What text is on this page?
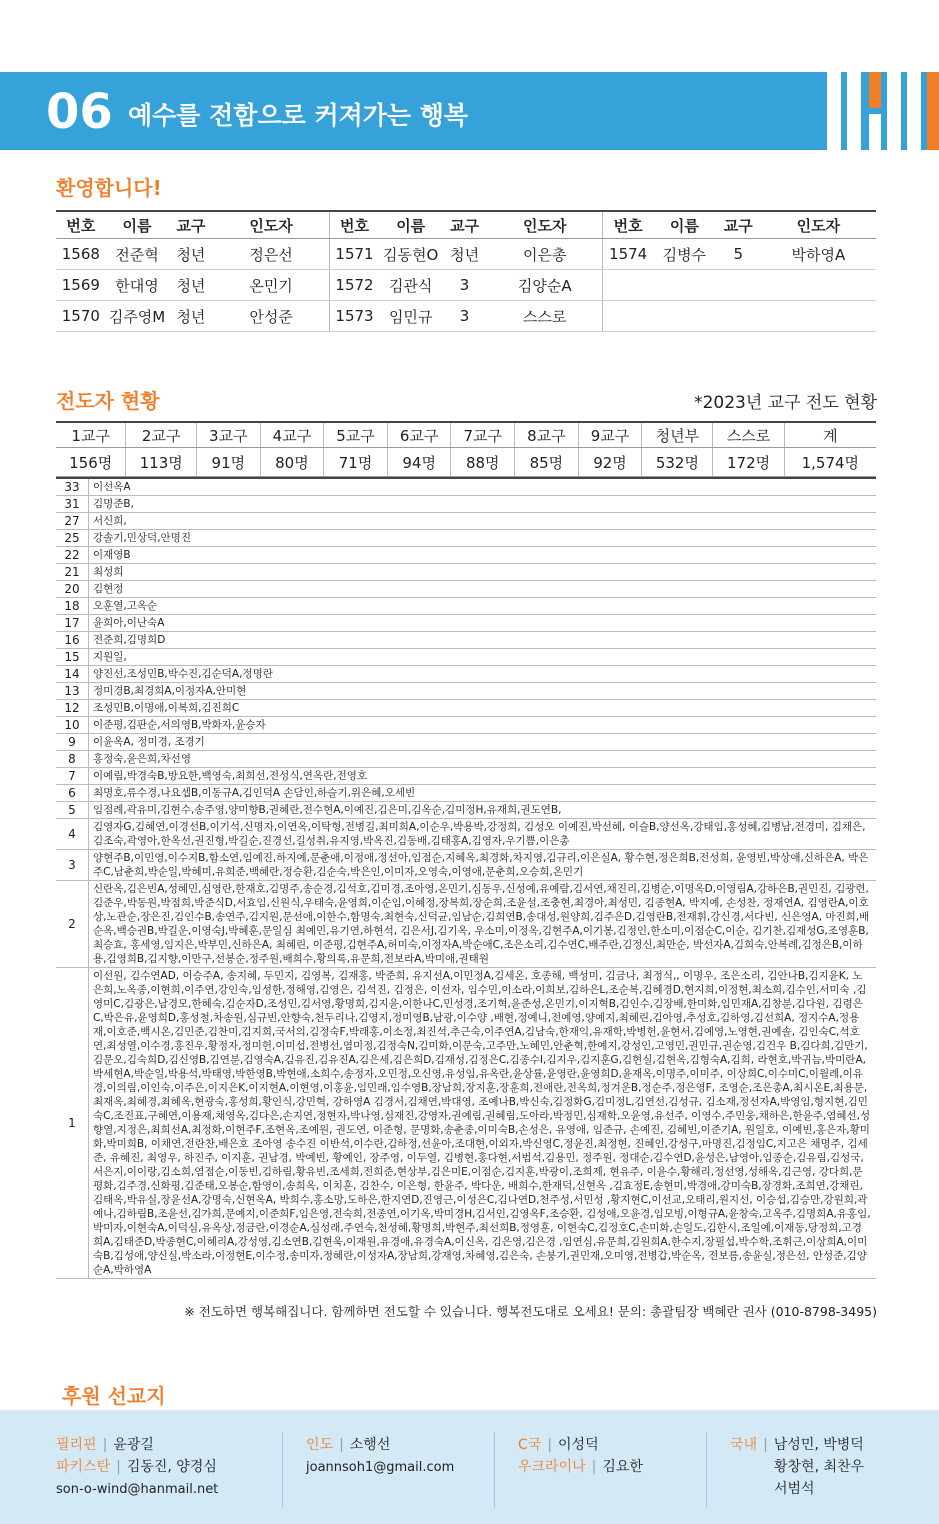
06 예수를 전함으로 커져가는 행복
환영합니다!
번호	이름	교구	인도자	번호	이름	교구	인도자	번호	이름	교구	인도자
1568	전준혁	청년	정은선	1571	김동현O	청년	이은총	1574	김병수	5	박하영A
1569	한대영	청년	온민기	1572	김관식	3	김양순A				
1570	김주영M	청년	안성준	1573	임민규	3	스스로				
전도자 현황	*2023년 교구 전도 현황
1교구	2교구	3교구	4교구	5교구	6교구	7교구	8교구	9교구	청년부	스스로	계
156명	113명	91명	80명	71명	94명	88명	85명	92명	532명	172명	1,574명
33	이선옥A
31	김명준B,
27	서신희,
25	강솔기,민상덕,안명진
22	이재영B
21	최성희
20	김현정
18	오훈열,고옥순
17	윤희아,이난숙A
16	전준희,김명희D
15	지원일,
14	양진선,조성민B,박수진,김순덕A,정명란
13	정미경B,최경희A,이정자A,안미현
12	조성민B,이명애,이복희,김진희C
10	이준평,김판순,서의영B,박화자,윤승자
9	이윤옥A, 정미경, 조경기
8	홍정숙,윤은희,차선영
7	이예림,박경숙B,방요한,백영숙,최희선,전성식,연옥란,전영호
6	최명호,류수경,나요셉B,이동규A,김인덕A 손담인,하슬기,위은혜,오세빈
5	임점례,곽유미,김현수,송주영,양미향B,권혜란,전수현A,이예진,김은미,김옥순,김미정H,유재희,권도연B,
4	김영자G,김혜연,이경선B,이기석,신명자,이연옥,이탁형,전병길,최미희A,이순우,박용박,강정희, 김성오 이예진,박선혜, 이슬B,양선옥,강태임,홍성혜,김병남,전경미, 김채은,김조숙,곽영아,한옥선,권진형,박길순,진경선,길성취,유지영,박옥진,김동배,김태홍A,김영자,우기쁨,이은총
3	양현주B,이민영,이수지B,함소연,임예진,하지예,문춘애,이정애,정선아,임점순,지혜옥,최경화,차지영,김규리,이은실A, 황수현,정은희B,전성희, 윤영빈,박상애,신하은A, 박은주C,남춘희,박순일,박혜미,유희준,백혜란,정승환,김순숙,박은인,이미자,오영숙,이영애,문춘희,오승희,온민기
2	신란옥,김은빈A,성혜민,심영란,한재호,김명주,송순경,김석호,김미경,조아영,온민기,심동우,신성예,유예람,김서연,채진리,김병순,이명옥D,이영림A,강하은B,권민진, 김광련,김준우,박동원,박점희,박준식D,서효임,신원식,우태숙,윤영희,이순임,이혜정,장복희,장순희,조윤설,조충현,최경아,최성민, 김종현A, 박지예, 손성찬, 정재연A, 김영란A,이호상,노관순,장은진,김인수B,송연주,김지원,문선애,이한수,함명숙,최현숙,신덕균,임남순,김희연B,송대성,원양희,김주은D,김영란B,전재휘,강신경,서다빈, 신은영A, 마진희,배순옥,백승권B,박길운,이영숙J,박혜훈,문일심 최예민,유기연,하현석, 김은서J,김기옥, 우소미,이정옥,김현주A,이기봉,김정인,한소미,이점순C,이순, 김기찬,김재성G,조영훈B,최승효, 홍세영,임지은,박부민,신하은A, 최혜린, 이준평,김현주A,허미숙,이정자A,박순애C,조은소리,김수연C,배주란,김정신,최만순, 박선자A,김희숙,안복례,김정은B,이하용,김영희B,김지향,이만구,선봉순,정주원,배희수,황의록,유문희,전보라A,박미애,권태원
1	이선원, 김수연AD, 이승주A, 송지혜, 두민지, 김영복, 김재홍, 박준희, 유지선A,이민정A,김세온, 호종해, 백성미, 김금나, 최정식,, 이명우, 조은소리, 김안나B,김지윤K, 노은희,노옥종,이현희,이주연,강인숙,임성한,정해영,김영은, 김석진, 김정은, 이선자, 임수민,이소라,이희보,김하은L,조순복,김혜경D,현지희,이정현,최소희,김수인,서미숙 ,김영미C,김광은,남경모,한혜숙,김순자D,조성민,김서영,황명희,김지윤,이한나C,민성경,조기혁,윤준성,온민기,이지혁B,김인수,김장배,한미화,임민재A,김창분,김다원, 김령은C,박은유,윤영희D,홍성철,차송원,심규빈,안향숙,천두리나,김영지,정미영B,남광,이수양 ,배현,정예니,전예영,양예지,최혜린,김아영,추성호,김하영,김선희A, 정지수A,정용재,이호준,백시온,김민준,김찬미,김지희,국서의,김정숙F,박래홍,이소정,최진석,추근숙,이주연A,김남숙,한재익,유재학,박병헌,윤현서,김예영,노영현,권예솔, 김인숙C,석호연,최성열,이수경,홍진우,황정자,정미헌,이미섭,전병선,염미정,김정숙N,김미화,이문숙,고주만,노혜민,안춘혁,한예지,강성인,고영민,권민규,권순영,김건우 B,김다희,김만기,김문오,김숙희D,김신영B,김연분,김영숙A,김유진,김유진A,김은세,김은희D,김재성,김정은C,김종수I,김지우,김지훈G,김현실,김현옥,김형숙A,김희, 라현호,박귀늠,박미란A,박세현A,박순일,박용석,박태영,박한영B,박현애,소희수,송정자,오민정,오신영,유성임,유옥란,윤상률,윤영란,윤영희D,윤재옥,이명주,이미주, 이상희C,이수미C,이월례,이유경,이의림,이인숙,이주은,이지은K,이지현A,이현영,이홍윤,임민래,임수영B,장남희,장지훈,장훈희,전애란,전옥희,정겨운B,정순주,정은영F, 조영순,조은총A,최시온E,최용문,최재옥,최혜경,최혜옥,현광숙,홍성희,황인식,강민혁, 강하영A 김경서,김채연,박대영, 조예나B,박신숙,김정화G,김미정L,김연선,김성규, 김소재,정선자A,박영임,형지현,김민숙C,조진표,구혜연,이용재,채영옥,김다은,손지연,정현자,박나영,심재진,강영자,권예림,권혜림,도아라,박정민,심재학,오윤영,유선주, 이영수,주민웅,채하은,한윤주,염혜선,성향열,지정은,최희선A,최정화,이현주F,조현옥,조예원, 권도연, 이준형, 문명화,송춘종,이미숙B,손성은, 유영애, 임준규, 손예진, 김혜빈,이준기A, 원일호, 이예빈,홍은자,황미화,박미희B, 이채연,전란찬,배은호 조아영 송수진 이반석,이수란,김하정,선윤아,조대현,이외자,박신영C,정윤진,최정현, 진혜인,강성구,마명진,김정임C,지고은 채명주, 김세준, 유혜진, 최영우, 하진주, 이지훈, 권남경, 박예빈, 황예인, 장주영, 이두열, 김병현,홍다현,서범석,김용민, 정주원, 정대순,김수연D,윤성은,남영아,임종순,김유림,김성국,서은지,이이랑,김소희,염점순,이동빈,김하림,황유빈,조세희,전희준,현상부,김은미E,이점순,김지훈,박광이,조희제, 현유주, 이윤수,황해리,정선영,성해옥,김근영, 강다희,문평화,김주경,신화평,김준태,오봉순,함영이,송희옥, 이치훈, 김찬수, 이은형, 한윤주, 박다운, 배희수,한재덕,신현옥 ,김효정E,송현미,박경애,강미숙B,장경화,조희연,강채린,김태옥,박유실,장윤선A,강명숙,신현옥A, 박희수,홍소망,도하은,한지연D,진영근,이성은C,김나연D,천주성,서민성 ,황지현C,이선교,오태리,원지선, 이승섭,김승만,강원희,곽예나,김하림B,조윤선,김가희,문예지,이준희F,임은영,전숙희,전종연,이기옥,박미경H,김서인,김영옥F,조승환, 김성애,오윤경,임모빙,이형규A,윤창숙,고옥주,김명희A,유홍임,박미자,이현숙A,이덕심,유옥상,정금란,이경순A,심성래,주연숙,천성혜,황명희,박현주,최선희B,정영훈, 이현숙C,김정호C,손미화,손일도,김한시,조일예,이재동,당정희,고경희A,김태준D,박종현C,이혜리A,강성영,김소연B,김현욱,이재원,유경애,유경숙A,이신옥, 김은영,김은경 ,임연심,유문희,김원희A,한수지,장필섭,박수학,조휘근,이상희A,이미숙B,김성애,양신실,박소라,이정현E,이수정,송미자,정혜란,이성자A,장남희,강재영,차혜영,김은숙, 손붕기,권민재,오미영,전병갑,박순옥, 전보름,송윤실,정은선, 안성준,김양순A,박하영A
※ 전도하면 행복해집니다. 함께하면 전도할 수 있습니다. 행복전도대로 오세요! 문의: 총괄팀장 백혜란 권사 (010-8798-3495)
후원 선교지
필리핀 | 윤광길
파키스탄 | 김동진, 양경심
son-o-wind@hanmail.net
인도 | 소행선
joannsoh1@gmail.com
C국 | 이성덕
우크라이나 | 김요한
국내 | 남성민, 박병덕
황창현, 최찬우
서범석
